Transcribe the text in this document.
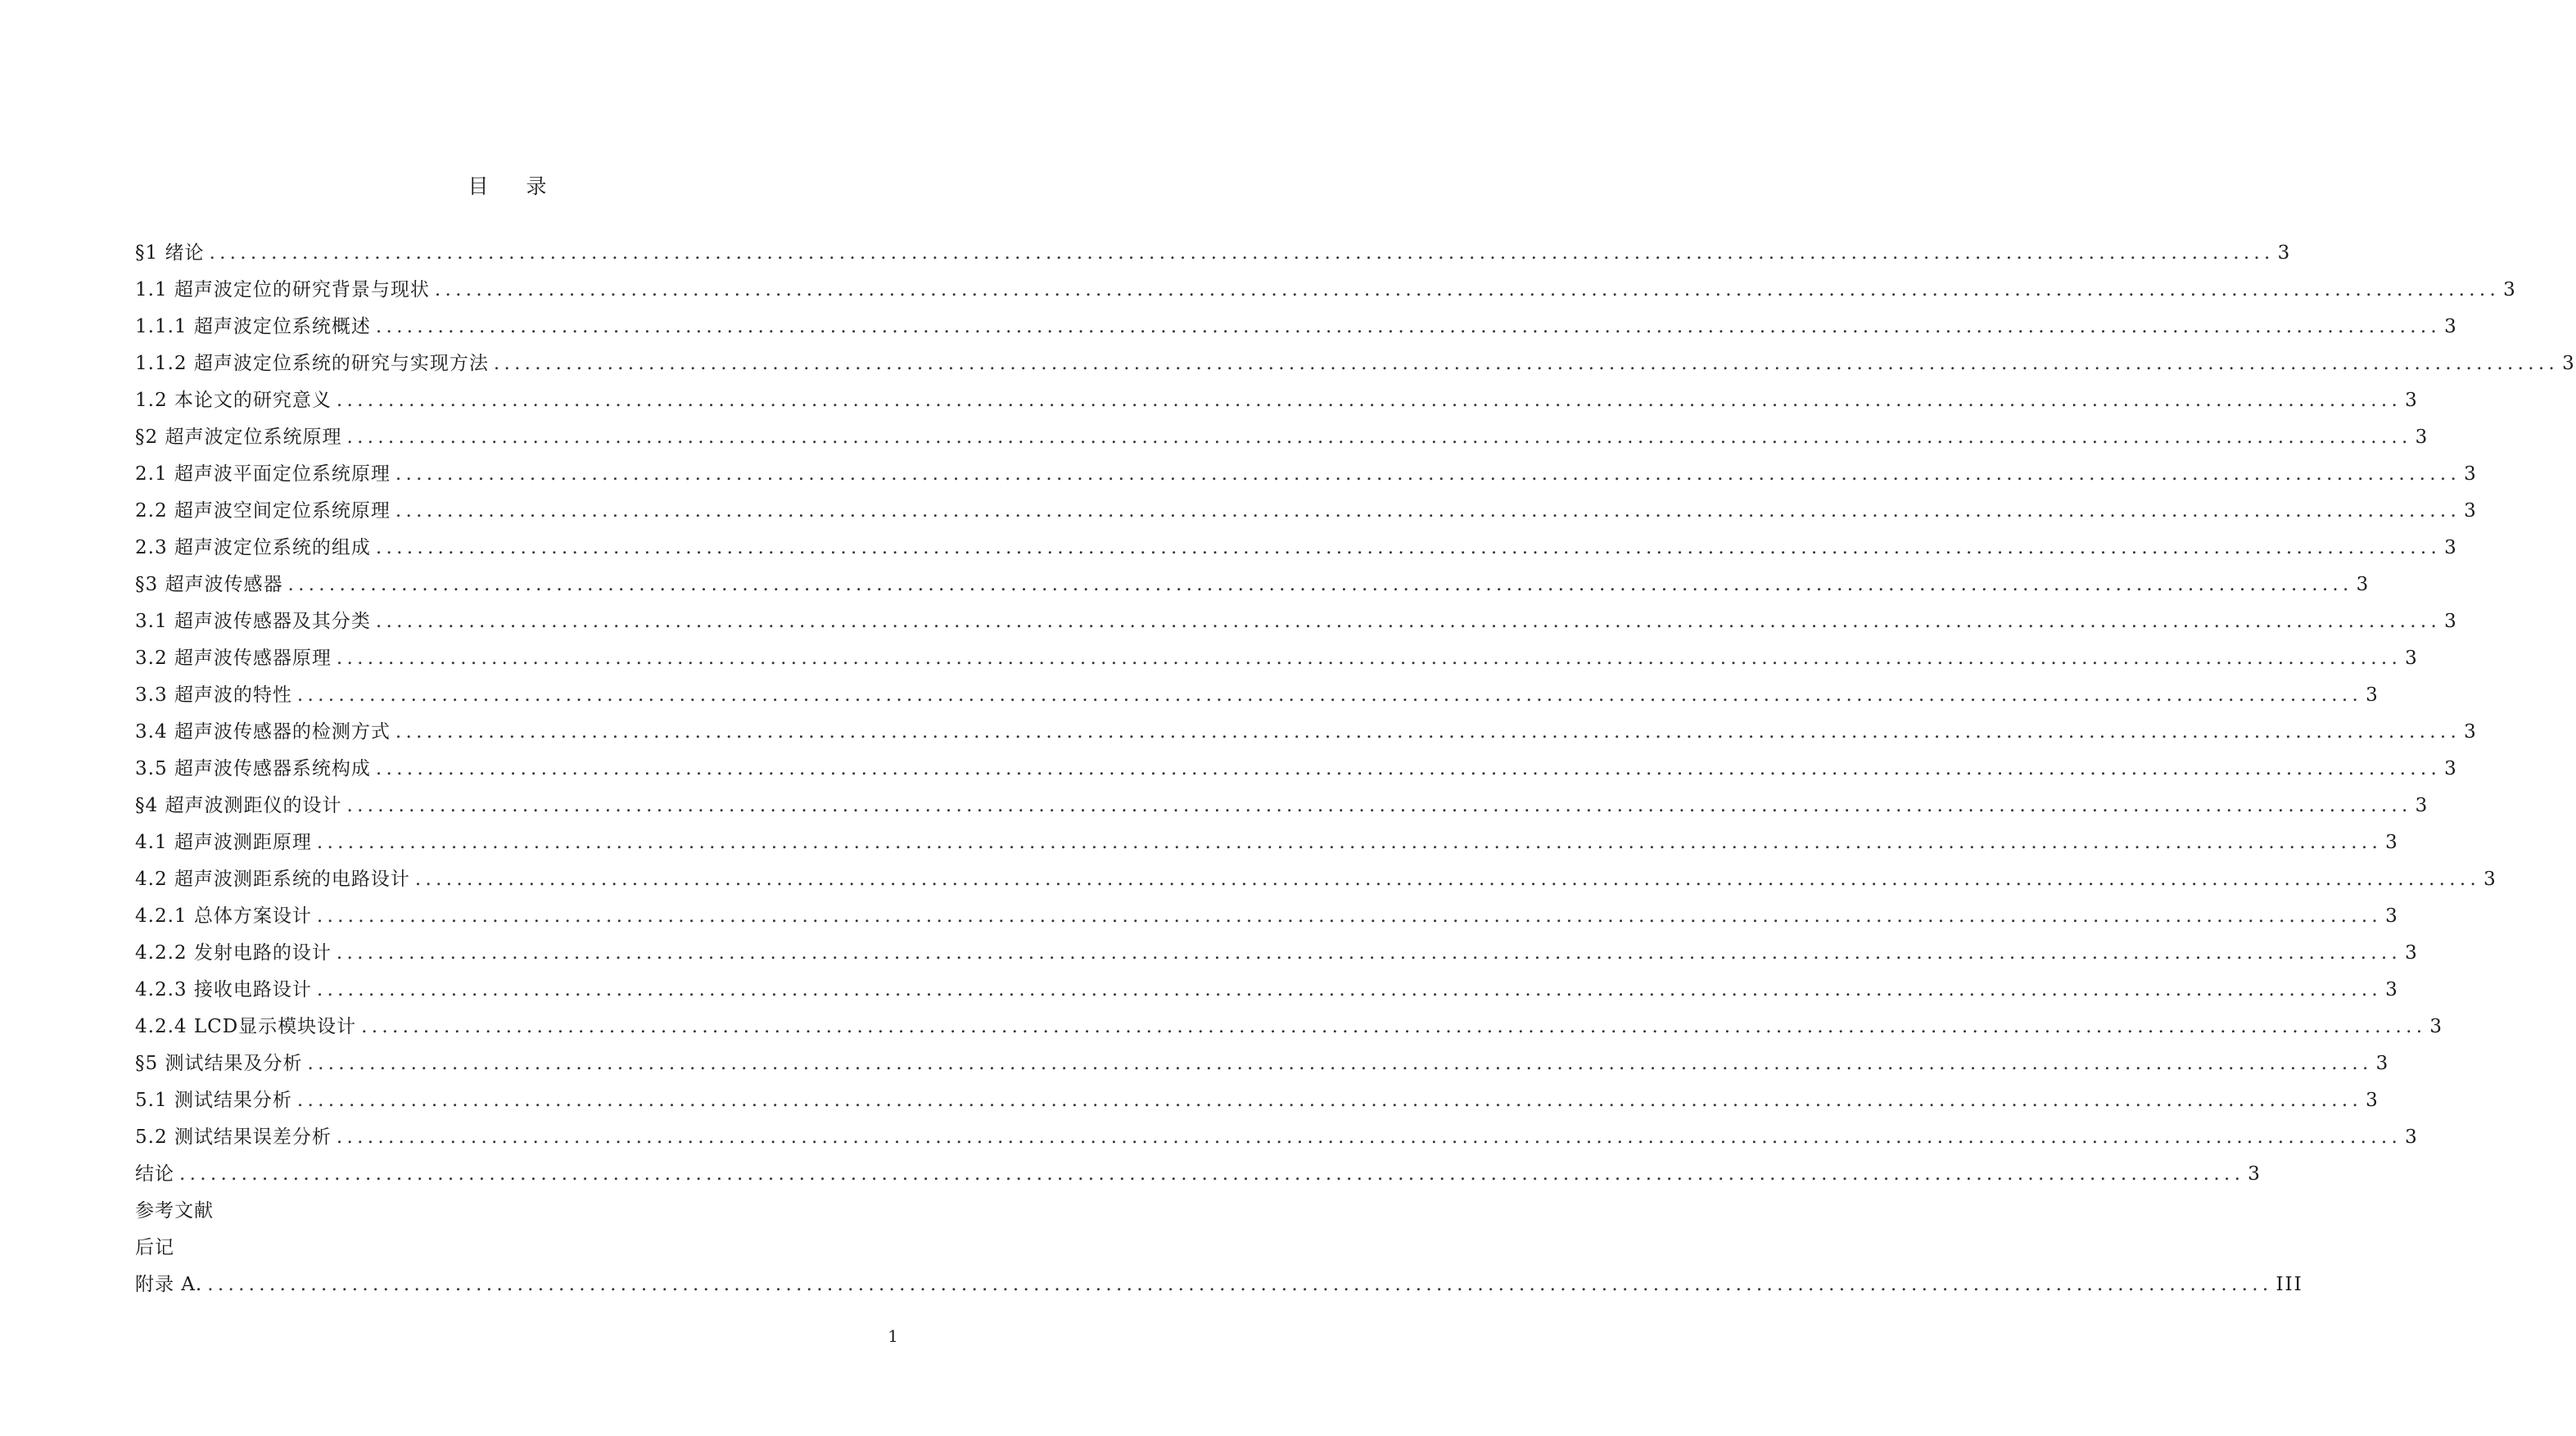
目 录
§1 绪论 ........................................................................................................................................................................................................ 3
1.1 超声波定位的研究背景与现状 ........................................................................................................................................................................................................ 3
1.1.1 超声波定位系统概述 ........................................................................................................................................................................................................ 3
1.1.2 超声波定位系统的研究与实现方法 ........................................................................................................................................................................................................ 3
1.2 本论文的研究意义 ........................................................................................................................................................................................................ 3
§2 超声波定位系统原理 ........................................................................................................................................................................................................ 3
2.1 超声波平面定位系统原理 ........................................................................................................................................................................................................ 3
2.2 超声波空间定位系统原理 ........................................................................................................................................................................................................ 3
2.3 超声波定位系统的组成 ........................................................................................................................................................................................................ 3
§3 超声波传感器 ........................................................................................................................................................................................................ 3
3.1 超声波传感器及其分类 ........................................................................................................................................................................................................ 3
3.2 超声波传感器原理 ........................................................................................................................................................................................................ 3
3.3 超声波的特性 ........................................................................................................................................................................................................ 3
3.4 超声波传感器的检测方式 ........................................................................................................................................................................................................ 3
3.5 超声波传感器系统构成 ........................................................................................................................................................................................................ 3
§4 超声波测距仪的设计 ........................................................................................................................................................................................................ 3
4.1 超声波测距原理 ........................................................................................................................................................................................................ 3
4.2 超声波测距系统的电路设计 ........................................................................................................................................................................................................ 3
4.2.1 总体方案设计 ........................................................................................................................................................................................................ 3
4.2.2 发射电路的设计 ........................................................................................................................................................................................................ 3
4.2.3 接收电路设计 ........................................................................................................................................................................................................ 3
4.2.4 LCD显示模块设计 ........................................................................................................................................................................................................ 3
§5 测试结果及分析 ........................................................................................................................................................................................................ 3
5.1 测试结果分析 ........................................................................................................................................................................................................ 3
5.2 测试结果误差分析 ........................................................................................................................................................................................................ 3
结论 ........................................................................................................................................................................................................ 3
参考文献
后记
附录 A. ........................................................................................................................................................................................................ III
1
